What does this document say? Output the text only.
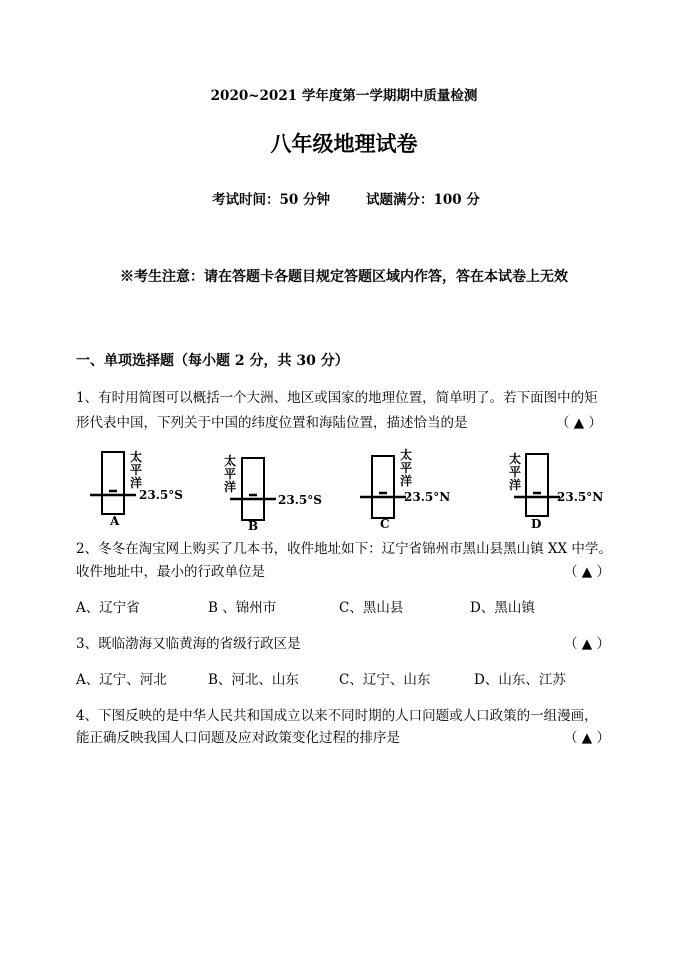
2020~2021 学年度第一学期期中质量检测
八年级地理试卷
考试时间：50 分钟	试题满分：100 分
※考生注意：请在答题卡各题目规定答题区域内作答，答在本试卷上无效
一、单项选择题（每小题 2 分，共 30 分）
1、有时用简图可以概括一个大洲、地区或国家的地理位置，简单明了。若下面图中的矩
形代表中国，下列关于中国的纬度位置和海陆位置，描述恰当的是	（ ▲ ）
太
平
洋
23.5°S
A
太
平
洋
23.5°S
B
太
平
洋
23.5°N
C
太
平
洋
23.5°N
D
2、冬冬在淘宝网上购买了几本书，收件地址如下：辽宁省锦州市黑山县黑山镇 XX 中学。
收件地址中，最小的行政单位是	（ ▲ ）
A、辽宁省	B 、锦州市	C、黑山县	D、黑山镇
3、既临渤海又临黄海的省级行政区是	（ ▲ ）
A、辽宁、河北	B、河北、山东	C、辽宁、山东	D、山东、江苏
4、下图反映的是中华人民共和国成立以来不同时期的人口问题或人口政策的一组漫画，
能正确反映我国人口问题及应对政策变化过程的排序是	（ ▲ ）
